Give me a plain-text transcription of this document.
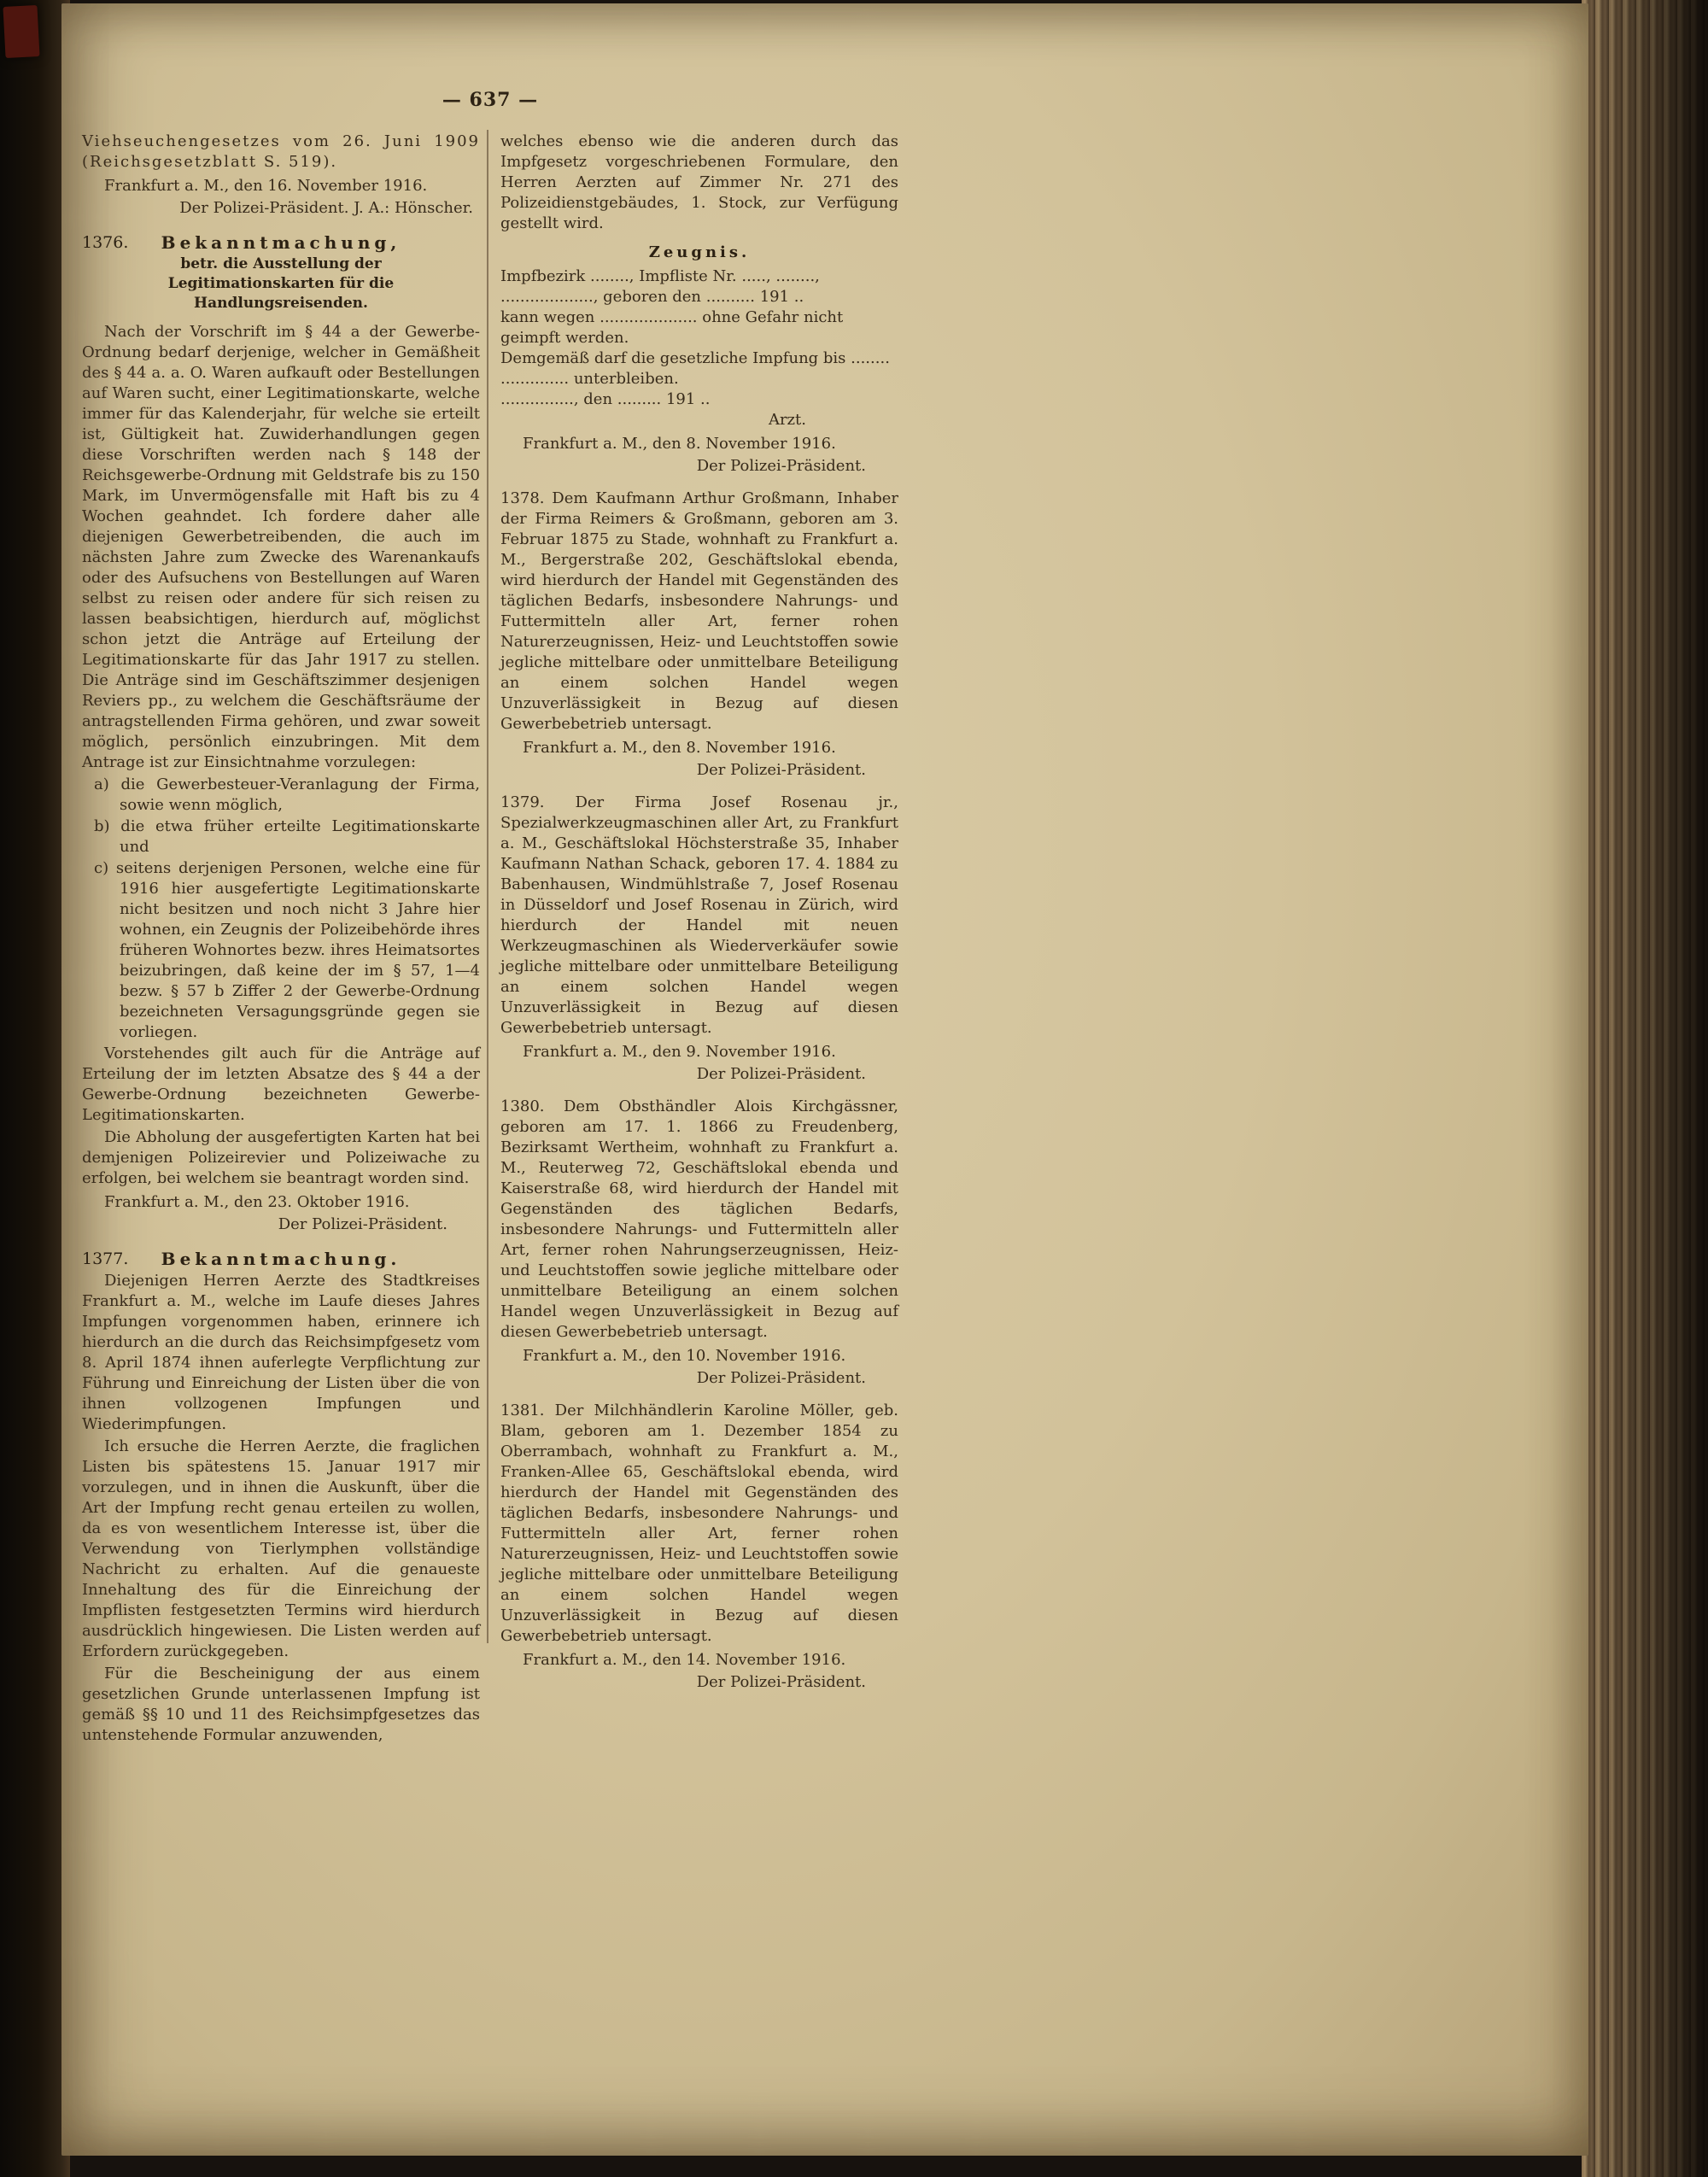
— 637 —

Viehseuchengesetzes vom 26. Juni 1909 (Reichsgesetzblatt S. 519).

Frankfurt a. M., den 16. November 1916.

Der Polizei-Präsident. J. A.: Hönscher.

1376. Bekanntmachung,

betr. die Ausstellung der Legitimationskarten für die Handlungsreisenden.

Nach der Vorschrift im § 44 a der Gewerbe-Ordnung bedarf derjenige, welcher in Gemäßheit des § 44 a. a. O. Waren aufkauft oder Bestellungen auf Waren sucht, einer Legitimationskarte, welche immer für das Kalenderjahr, für welche sie erteilt ist, Gültigkeit hat. Zuwiderhandlungen gegen diese Vorschriften werden nach § 148 der Reichsgewerbe-Ordnung mit Geldstrafe bis zu 150 Mark, im Unvermögensfalle mit Haft bis zu 4 Wochen geahndet. Ich fordere daher alle diejenigen Gewerbetreibenden, die auch im nächsten Jahre zum Zwecke des Warenankaufs oder des Aufsuchens von Bestellungen auf Waren selbst zu reisen oder andere für sich reisen zu lassen beabsichtigen, hierdurch auf, möglichst schon jetzt die Anträge auf Erteilung der Legitimationskarte für das Jahr 1917 zu stellen. Die Anträge sind im Geschäftszimmer desjenigen Reviers pp., zu welchem die Geschäftsräume der antragstellenden Firma gehören, und zwar soweit möglich, persönlich einzubringen. Mit dem Antrage ist zur Einsichtnahme vorzulegen:

a) die Gewerbesteuer-Veranlagung der Firma, sowie wenn möglich,

b) die etwa früher erteilte Legitimationskarte und

c) seitens derjenigen Personen, welche eine für 1916 hier ausgefertigte Legitimationskarte nicht besitzen und noch nicht 3 Jahre hier wohnen, ein Zeugnis der Polizeibehörde ihres früheren Wohnortes bezw. ihres Heimatsortes beizubringen, daß keine der im § 57, 1—4 bezw. § 57 b Ziffer 2 der Gewerbe-Ordnung bezeichneten Versagungsgründe gegen sie vorliegen.

Vorstehendes gilt auch für die Anträge auf Erteilung der im letzten Absatze des § 44 a der Gewerbe-Ordnung bezeichneten Gewerbe-Legitimationskarten.

Die Abholung der ausgefertigten Karten hat bei demjenigen Polizeirevier und Polizeiwache zu erfolgen, bei welchem sie beantragt worden sind.

Frankfurt a. M., den 23. Oktober 1916.

Der Polizei-Präsident.

1377. Bekanntmachung.

Diejenigen Herren Aerzte des Stadtkreises Frankfurt a. M., welche im Laufe dieses Jahres Impfungen vorgenommen haben, erinnere ich hierdurch an die durch das Reichsimpfgesetz vom 8. April 1874 ihnen auferlegte Verpflichtung zur Führung und Einreichung der Listen über die von ihnen vollzogenen Impfungen und Wiederimpfungen.

Ich ersuche die Herren Aerzte, die fraglichen Listen bis spätestens 15. Januar 1917 mir vorzulegen, und in ihnen die Auskunft, über die Art der Impfung recht genau erteilen zu wollen, da es von wesentlichem Interesse ist, über die Verwendung von Tierlymphen vollständige Nachricht zu erhalten. Auf die genaueste Innehaltung des für die Einreichung der Impflisten festgesetzten Termins wird hierdurch ausdrücklich hingewiesen. Die Listen werden auf Erfordern zurückgegeben.

Für die Bescheinigung der aus einem gesetzlichen Grunde unterlassenen Impfung ist gemäß §§ 10 und 11 des Reichsimpfgesetzes das untenstehende Formular anzuwenden,

welches ebenso wie die anderen durch das Impfgesetz vorgeschriebenen Formulare, den Herren Aerzten auf Zimmer Nr. 271 des Polizeidienstgebäudes, 1. Stock, zur Verfügung gestellt wird.

Zeugnis.

Impfbezirk ........, Impfliste Nr. ....., ........,

..................., geboren den .......... 191 ..

kann wegen .................... ohne Gefahr nicht geimpft werden.

Demgemäß darf die gesetzliche Impfung bis ........

.............. unterbleiben.

..............., den ......... 191 ..

Arzt.

Frankfurt a. M., den 8. November 1916.

Der Polizei-Präsident.

1378. Dem Kaufmann Arthur Großmann, Inhaber der Firma Reimers & Großmann, geboren am 3. Februar 1875 zu Stade, wohnhaft zu Frankfurt a. M., Bergerstraße 202, Geschäftslokal ebenda, wird hierdurch der Handel mit Gegenständen des täglichen Bedarfs, insbesondere Nahrungs- und Futtermitteln aller Art, ferner rohen Naturerzeugnissen, Heiz- und Leuchtstoffen sowie jegliche mittelbare oder unmittelbare Beteiligung an einem solchen Handel wegen Unzuverlässigkeit in Bezug auf diesen Gewerbebetrieb untersagt.

Frankfurt a. M., den 8. November 1916.

Der Polizei-Präsident.

1379. Der Firma Josef Rosenau jr., Spezialwerkzeugmaschinen aller Art, zu Frankfurt a. M., Geschäftslokal Höchsterstraße 35, Inhaber Kaufmann Nathan Schack, geboren 17. 4. 1884 zu Babenhausen, Windmühlstraße 7, Josef Rosenau in Düsseldorf und Josef Rosenau in Zürich, wird hierdurch der Handel mit neuen Werkzeugmaschinen als Wiederverkäufer sowie jegliche mittelbare oder unmittelbare Beteiligung an einem solchen Handel wegen Unzuverlässigkeit in Bezug auf diesen Gewerbebetrieb untersagt.

Frankfurt a. M., den 9. November 1916.

Der Polizei-Präsident.

1380. Dem Obsthändler Alois Kirchgässner, geboren am 17. 1. 1866 zu Freudenberg, Bezirksamt Wertheim, wohnhaft zu Frankfurt a. M., Reuterweg 72, Geschäftslokal ebenda und Kaiserstraße 68, wird hierdurch der Handel mit Gegenständen des täglichen Bedarfs, insbesondere Nahrungs- und Futtermitteln aller Art, ferner rohen Nahrungserzeugnissen, Heiz- und Leuchtstoffen sowie jegliche mittelbare oder unmittelbare Beteiligung an einem solchen Handel wegen Unzuverlässigkeit in Bezug auf diesen Gewerbebetrieb untersagt.

Frankfurt a. M., den 10. November 1916.

Der Polizei-Präsident.

1381. Der Milchhändlerin Karoline Möller, geb. Blam, geboren am 1. Dezember 1854 zu Oberrambach, wohnhaft zu Frankfurt a. M., Franken-Allee 65, Geschäftslokal ebenda, wird hierdurch der Handel mit Gegenständen des täglichen Bedarfs, insbesondere Nahrungs- und Futtermitteln aller Art, ferner rohen Naturerzeugnissen, Heiz- und Leuchtstoffen sowie jegliche mittelbare oder unmittelbare Beteiligung an einem solchen Handel wegen Unzuverlässigkeit in Bezug auf diesen Gewerbebetrieb untersagt.

Frankfurt a. M., den 14. November 1916.

Der Polizei-Präsident.
